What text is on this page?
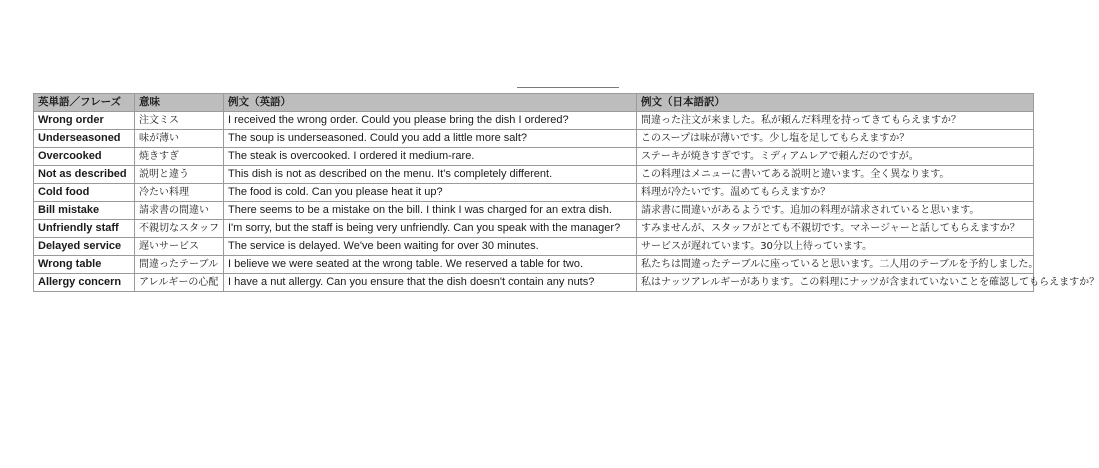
英単語／フレーズ	意味	例文（英語）	例文（日本語訳）
Wrong order	注文ミス	I received the wrong order. Could you please bring the dish I ordered?	間違った注文が来ました。私が頼んだ料理を持ってきてもらえますか？
Underseasoned	味が薄い	The soup is underseasoned. Could you add a little more salt?	このスープは味が薄いです。少し塩を足してもらえますか？
Overcooked	焼きすぎ	The steak is overcooked. I ordered it medium-rare.	ステーキが焼きすぎです。ミディアムレアで頼んだのですが。
Not as described	説明と違う	This dish is not as described on the menu. It's completely different.	この料理はメニューに書いてある説明と違います。全く異なります。
Cold food	冷たい料理	The food is cold. Can you please heat it up?	料理が冷たいです。温めてもらえますか？
Bill mistake	請求書の間違い	There seems to be a mistake on the bill. I think I was charged for an extra dish.	請求書に間違いがあるようです。追加の料理が請求されていると思います。
Unfriendly staff	不親切なスタッフ	I'm sorry, but the staff is being very unfriendly. Can you speak with the manager?	すみませんが、スタッフがとても不親切です。マネージャーと話してもらえますか？
Delayed service	遅いサービス	The service is delayed. We've been waiting for over 30 minutes.	サービスが遅れています。30分以上待っています。
Wrong table	間違ったテーブル	I believe we were seated at the wrong table. We reserved a table for two.	私たちは間違ったテーブルに座っていると思います。二人用のテーブルを予約しました。
Allergy concern	アレルギーの心配	I have a nut allergy. Can you ensure that the dish doesn't contain any nuts?	私はナッツアレルギーがあります。この料理にナッツが含まれていないことを確認してもらえますか？
